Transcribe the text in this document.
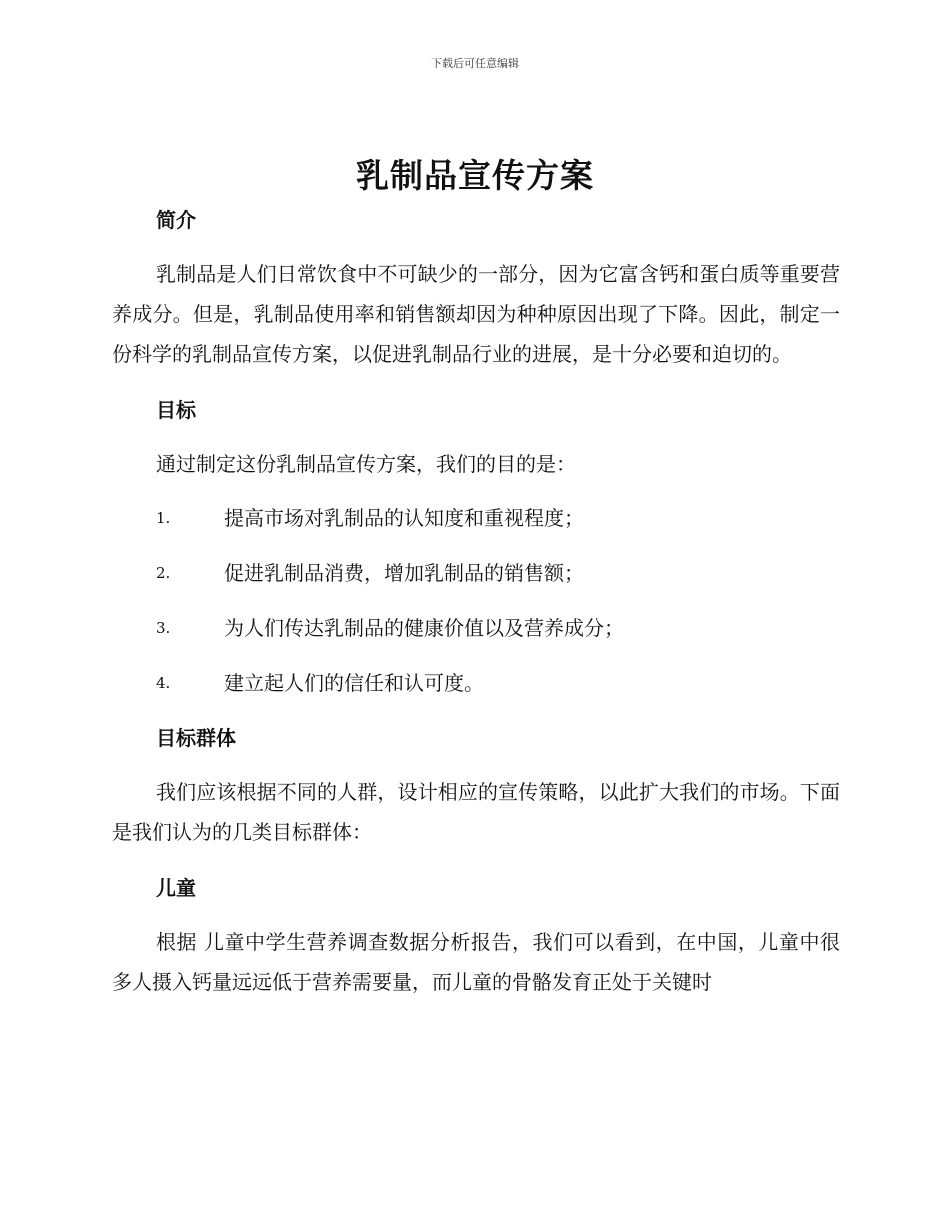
下载后可任意编辑
乳制品宣传方案
简介

乳制品是人们日常饮食中不可缺少的一部分，因为它富含钙和蛋白质等重要营养成分。但是，乳制品使用率和销售额却因为种种原因出现了下降。因此，制定一份科学的乳制品宣传方案，以促进乳制品行业的进展，是十分必要和迫切的。

目标

通过制定这份乳制品宣传方案，我们的目的是：

1.	提高市场对乳制品的认知度和重视程度；
2.	促进乳制品消费，增加乳制品的销售额；
3.	为人们传达乳制品的健康价值以及营养成分；
4.	建立起人们的信任和认可度。
目标群体

我们应该根据不同的人群，设计相应的宣传策略，以此扩大我们的市场。下面是我们认为的几类目标群体：

儿童

根据 儿童中学生营养调查数据分析报告，我们可以看到，在中国，儿童中很多人摄入钙量远远低于营养需要量，而儿童的骨骼发育正处于关键时
